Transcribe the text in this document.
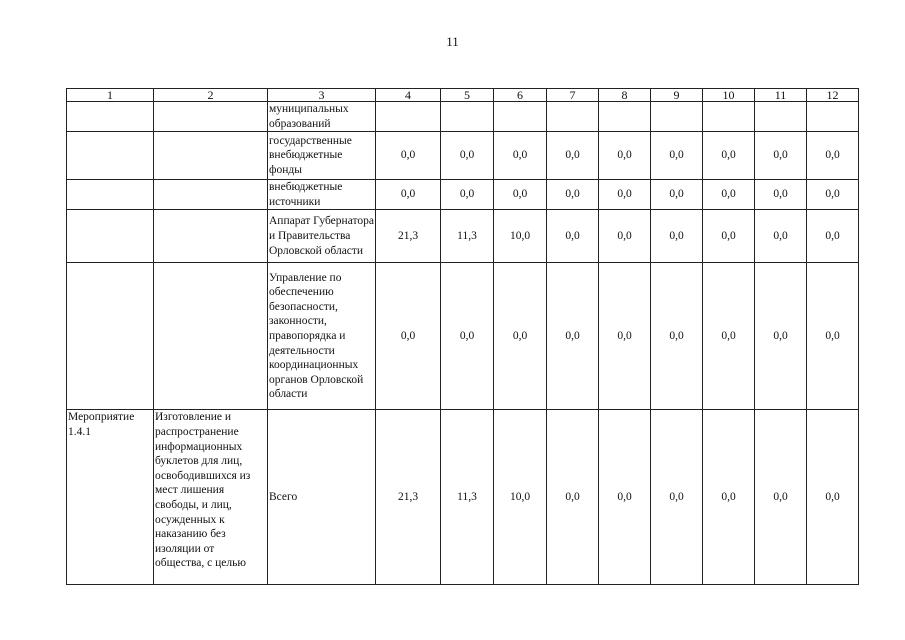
11
1	2	3	4	5	6	7	8	9	10	11	12
		муниципальных образований									
		государственные внебюджетные фонды	0,0	0,0	0,0	0,0	0,0	0,0	0,0	0,0	0,0
		внебюджетные источники	0,0	0,0	0,0	0,0	0,0	0,0	0,0	0,0	0,0
		Аппарат Губернатора и Правительства Орловской области	21,3	11,3	10,0	0,0	0,0	0,0	0,0	0,0	0,0
		Управление по обеспечению безопасности, законности, правопорядка и деятельности координационных органов Орловской области	0,0	0,0	0,0	0,0	0,0	0,0	0,0	0,0	0,0
Мероприятие 1.4.1	Изготовление и распространение информационных буклетов для лиц, освободившихся из мест лишения свободы, и лиц, осужденных к наказанию без изоляции от общества, с целью	Всего	21,3	11,3	10,0	0,0	0,0	0,0	0,0	0,0	0,0
